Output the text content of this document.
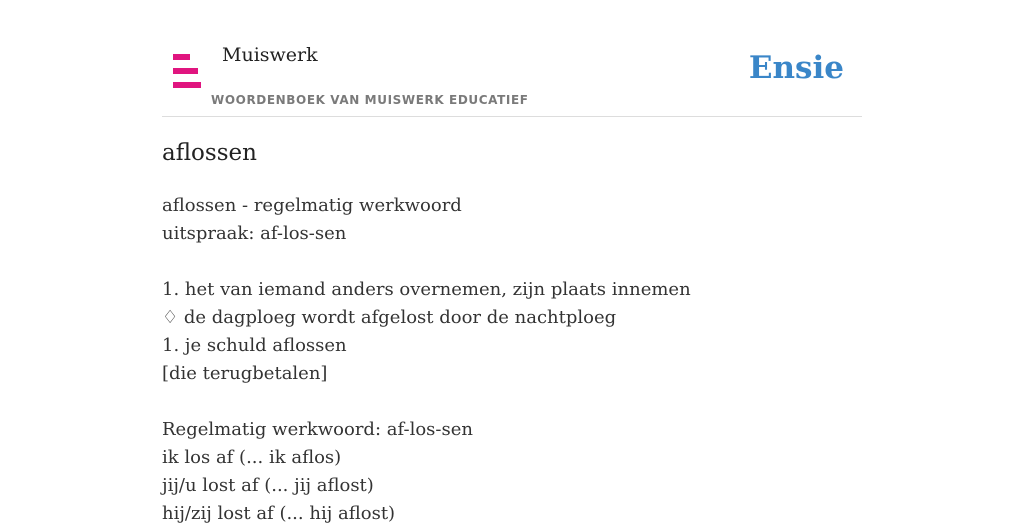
Muiswerk
WOORDENBOEK VAN MUISWERK EDUCATIEF
Ensie
aflossen
aflossen - regelmatig werkwoord
uitspraak: af-los-sen
1. het van iemand anders overnemen, zijn plaats innemen
♢ de dagploeg wordt afgelost door de nachtploeg
1. je schuld aflossen
[die terugbetalen]
Regelmatig werkwoord: af-los-sen
ik los af (... ik aflos)
jij/u lost af (... jij aflost)
hij/zij lost af (... hij aflost)
